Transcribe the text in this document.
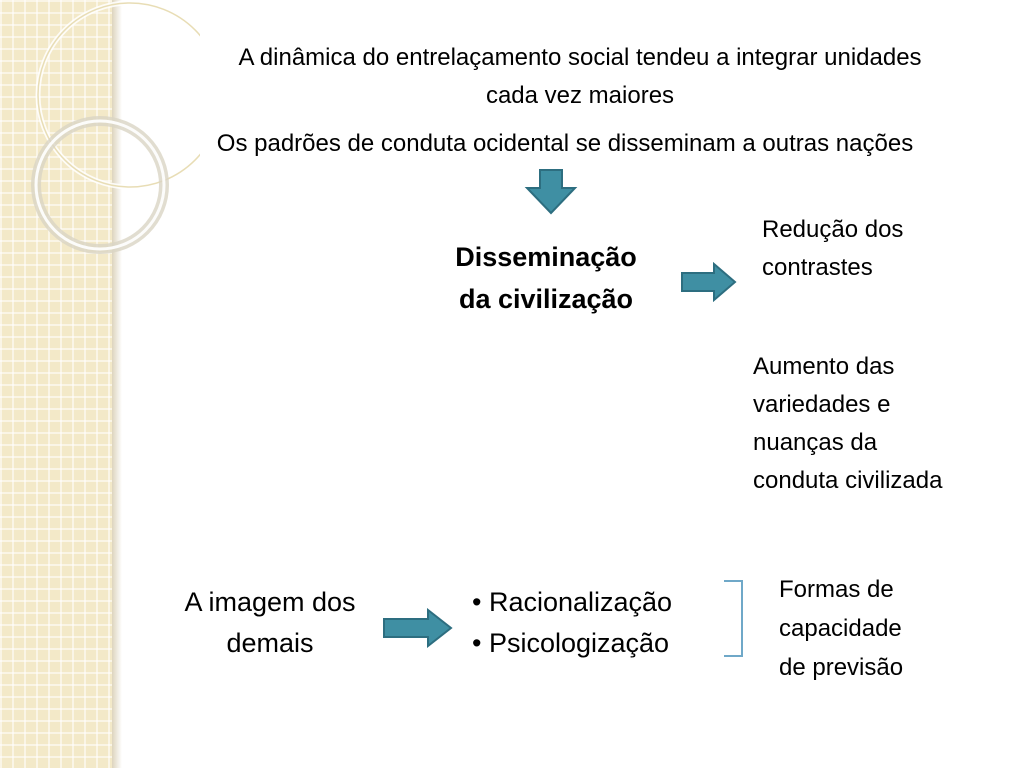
A dinâmica do entrelaçamento social tendeu a integrar unidades
cada vez maiores
Os padrões de conduta ocidental se disseminam a outras nações
Disseminação
da civilização
Redução dos
contrastes
Aumento das
variedades e
nuanças da
conduta civilizada
A imagem dos
demais
• Racionalização
• Psicologização
Formas de
capacidade
de previsão
